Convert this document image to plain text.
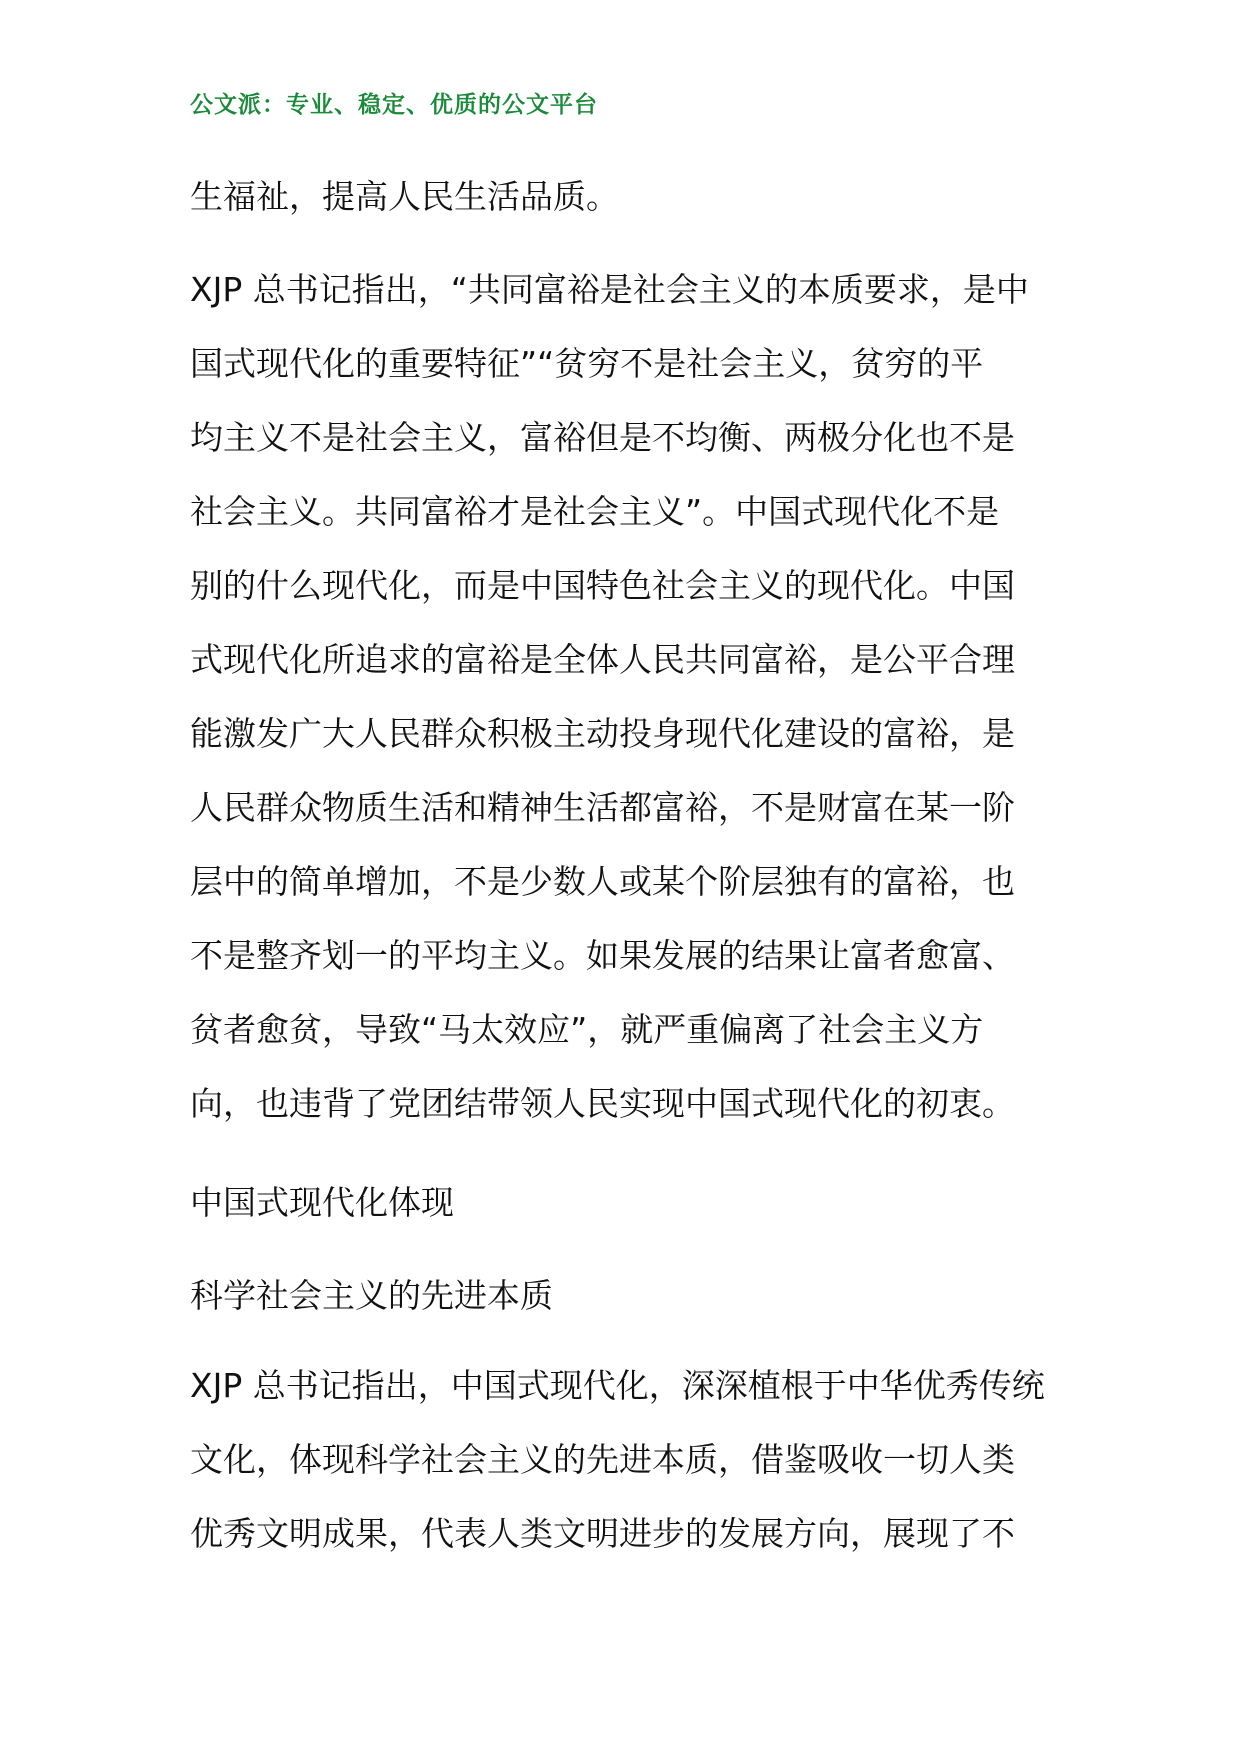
公文派：专业、稳定、优质的公文平台
生福祉，提高人民生活品质。
XJP 总书记指出，“共同富裕是社会主义的本质要求，是中
国式现代化的重要特征”“贫穷不是社会主义，贫穷的平
均主义不是社会主义，富裕但是不均衡、两极分化也不是
社会主义。共同富裕才是社会主义”。中国式现代化不是
别的什么现代化，而是中国特色社会主义的现代化。中国
式现代化所追求的富裕是全体人民共同富裕，是公平合理
能激发广大人民群众积极主动投身现代化建设的富裕，是
人民群众物质生活和精神生活都富裕，不是财富在某一阶
层中的简单增加，不是少数人或某个阶层独有的富裕，也
不是整齐划一的平均主义。如果发展的结果让富者愈富、
贫者愈贫，导致“马太效应”，就严重偏离了社会主义方
向，也违背了党团结带领人民实现中国式现代化的初衷。
中国式现代化体现
科学社会主义的先进本质
XJP 总书记指出，中国式现代化，深深植根于中华优秀传统
文化，体现科学社会主义的先进本质，借鉴吸收一切人类
优秀文明成果，代表人类文明进步的发展方向，展现了不
